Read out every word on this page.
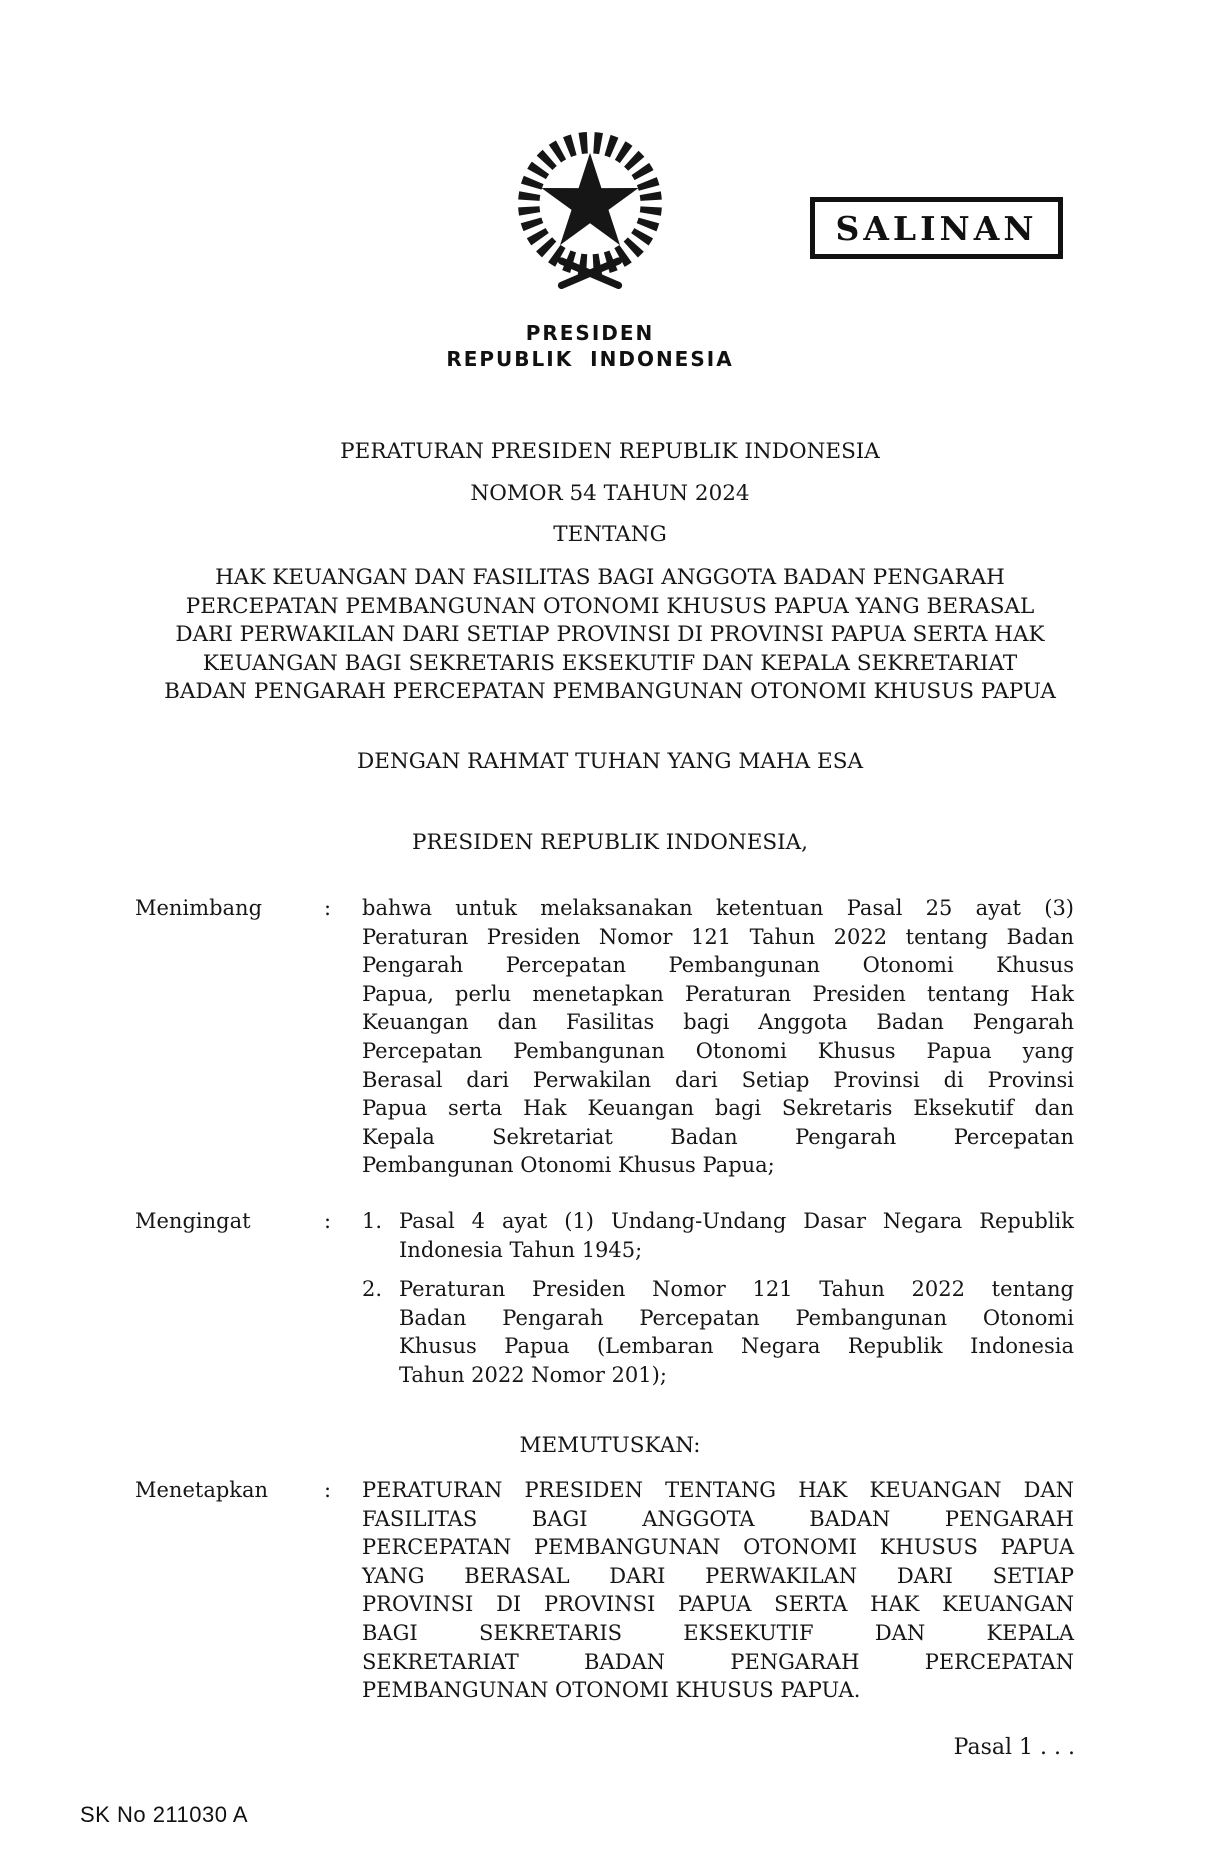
PRESIDEN
REPUBLIK INDONESIA
SALINAN
PERATURAN PRESIDEN REPUBLIK INDONESIA
NOMOR 54 TAHUN 2024
TENTANG
HAK KEUANGAN DAN FASILITAS BAGI ANGGOTA BADAN PENGARAH
PERCEPATAN PEMBANGUNAN OTONOMI KHUSUS PAPUA YANG BERASAL
DARI PERWAKILAN DARI SETIAP PROVINSI DI PROVINSI PAPUA SERTA HAK
KEUANGAN BAGI SEKRETARIS EKSEKUTIF DAN KEPALA SEKRETARIAT
BADAN PENGARAH PERCEPATAN PEMBANGUNAN OTONOMI KHUSUS PAPUA
DENGAN RAHMAT TUHAN YANG MAHA ESA
PRESIDEN REPUBLIK INDONESIA,
Menimbang	: bahwa untuk melaksanakan ketentuan Pasal 25 ayat (3)
Peraturan Presiden Nomor 121 Tahun 2022 tentang Badan
Pengarah Percepatan Pembangunan Otonomi Khusus
Papua, perlu menetapkan Peraturan Presiden tentang Hak
Keuangan dan Fasilitas bagi Anggota Badan Pengarah
Percepatan Pembangunan Otonomi Khusus Papua yang
Berasal dari Perwakilan dari Setiap Provinsi di Provinsi
Papua serta Hak Keuangan bagi Sekretaris Eksekutif dan
Kepala Sekretariat Badan Pengarah Percepatan
Pembangunan Otonomi Khusus Papua;
Mengingat	: 1. Pasal 4 ayat (1) Undang-Undang Dasar Negara Republik
Indonesia Tahun 1945;
2. Peraturan Presiden Nomor 121 Tahun 2022 tentang
Badan Pengarah Percepatan Pembangunan Otonomi
Khusus Papua (Lembaran Negara Republik Indonesia
Tahun 2022 Nomor 201);
MEMUTUSKAN:
Menetapkan	: PERATURAN PRESIDEN TENTANG HAK KEUANGAN DAN
FASILITAS BAGI ANGGOTA BADAN PENGARAH
PERCEPATAN PEMBANGUNAN OTONOMI KHUSUS PAPUA
YANG BERASAL DARI PERWAKILAN DARI SETIAP
PROVINSI DI PROVINSI PAPUA SERTA HAK KEUANGAN
BAGI SEKRETARIS EKSEKUTIF DAN KEPALA
SEKRETARIAT BADAN PENGARAH PERCEPATAN
PEMBANGUNAN OTONOMI KHUSUS PAPUA.
Pasal 1 . . .
SK No 211030 A
